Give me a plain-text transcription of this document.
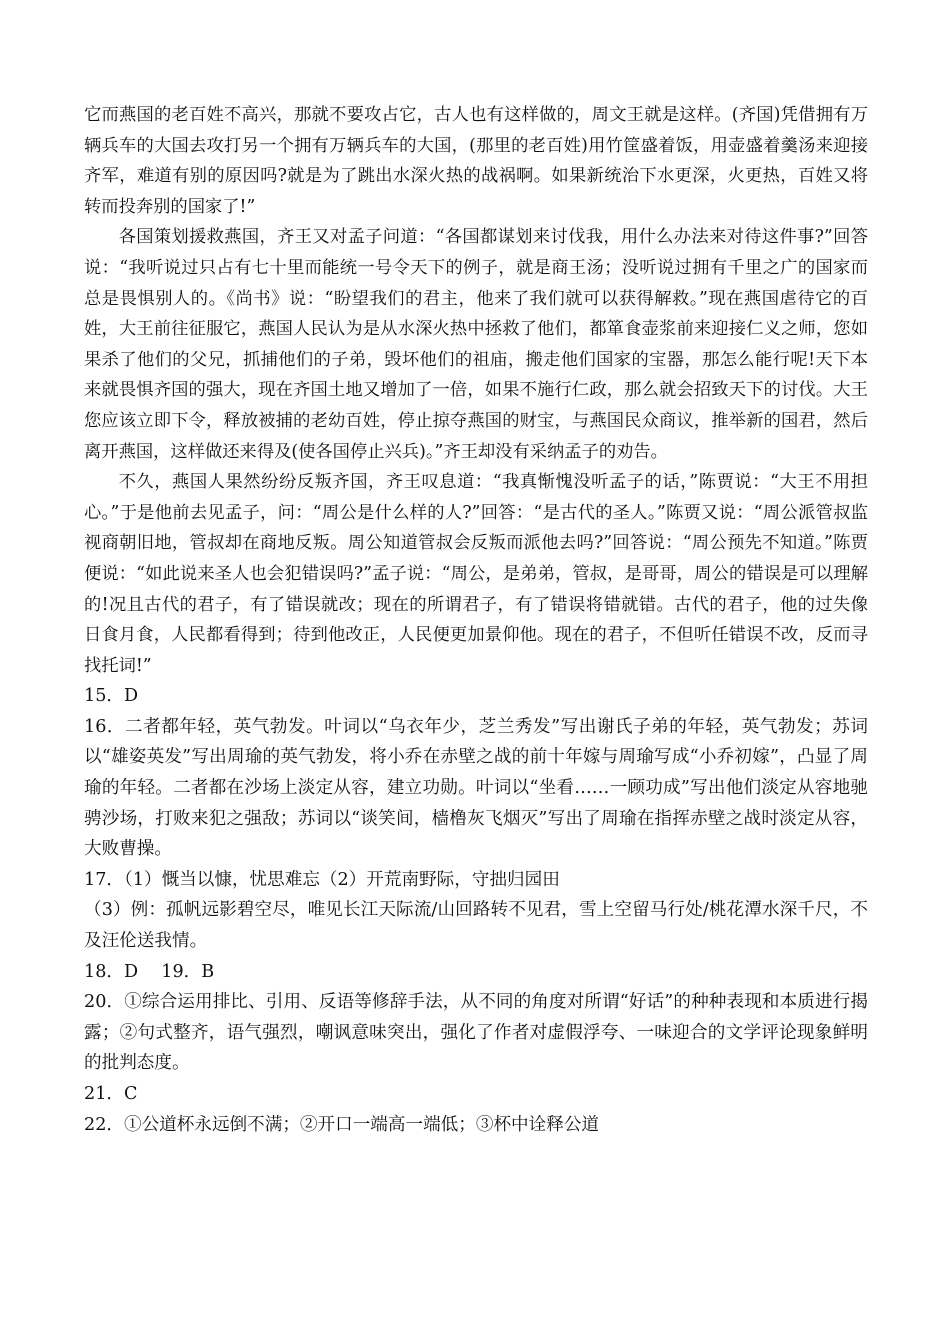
它而燕国的老百姓不高兴，那就不要攻占它，古人也有这样做的，周文王就是这样。(齐国)凭借拥有万辆兵车的大国去攻打另一个拥有万辆兵车的大国，(那里的老百姓)用竹筐盛着饭，用壶盛着羹汤来迎接齐军，难道有别的原因吗?就是为了跳出水深火热的战祸啊。如果新统治下水更深，火更热，百姓又将转而投奔别的国家了!”

各国策划援救燕国，齐王又对孟子问道：“各国都谋划来讨伐我，用什么办法来对待这件事?”回答说：“我听说过只占有七十里而能统一号令天下的例子，就是商王汤；没听说过拥有千里之广的国家而总是畏惧别人的。《尚书》说：“盼望我们的君主，他来了我们就可以获得解救。”现在燕国虐待它的百姓，大王前往征服它，燕国人民认为是从水深火热中拯救了他们，都箪食壶浆前来迎接仁义之师，您如果杀了他们的父兄，抓捕他们的子弟，毁坏他们的祖庙，搬走他们国家的宝器，那怎么能行呢!天下本来就畏惧齐国的强大，现在齐国土地又增加了一倍，如果不施行仁政，那么就会招致天下的讨伐。大王您应该立即下令，释放被捕的老幼百姓，停止掠夺燕国的财宝，与燕国民众商议，推举新的国君，然后离开燕国，这样做还来得及(使各国停止兴兵)。”齐王却没有采纳孟子的劝告。

不久，燕国人果然纷纷反叛齐国，齐王叹息道：“我真惭愧没听孟子的话，”陈贾说：“大王不用担心。”于是他前去见孟子，问：“周公是什么样的人?”回答：“是古代的圣人。”陈贾又说：“周公派管叔监视商朝旧地，管叔却在商地反叛。周公知道管叔会反叛而派他去吗?”回答说：“周公预先不知道。”陈贾便说：“如此说来圣人也会犯错误吗?”孟子说：“周公，是弟弟，管叔，是哥哥，周公的错误是可以理解的!况且古代的君子，有了错误就改；现在的所谓君子，有了错误将错就错。古代的君子，他的过失像日食月食，人民都看得到；待到他改正，人民便更加景仰他。现在的君子，不但听任错误不改，反而寻找托词!”

15．D

16．二者都年轻，英气勃发。叶词以“乌衣年少，芝兰秀发”写出谢氏子弟的年轻，英气勃发；苏词以“雄姿英发”写出周瑜的英气勃发，将小乔在赤壁之战的前十年嫁与周瑜写成“小乔初嫁”，凸显了周瑜的年轻。二者都在沙场上淡定从容，建立功勋。叶词以“坐看……一顾功成”写出他们淡定从容地驰骋沙场，打败来犯之强敌；苏词以“谈笑间，樯橹灰飞烟灭”写出了周瑜在指挥赤壁之战时淡定从容，大败曹操。

17．（1）慨当以慷，忧思难忘（2）开荒南野际，守拙归园田

（3）例：孤帆远影碧空尽，唯见长江天际流/山回路转不见君，雪上空留马行处/桃花潭水深千尺，不及汪伦送我情。

18．D　 19．B

20．①综合运用排比、引用、反语等修辞手法，从不同的角度对所谓“好话”的种种表现和本质进行揭露；②句式整齐，语气强烈，嘲讽意味突出，强化了作者对虚假浮夸、一味迎合的文学评论现象鲜明的批判态度。

21．C

22．①公道杯永远倒不满；②开口一端高一端低；③杯中诠释公道
